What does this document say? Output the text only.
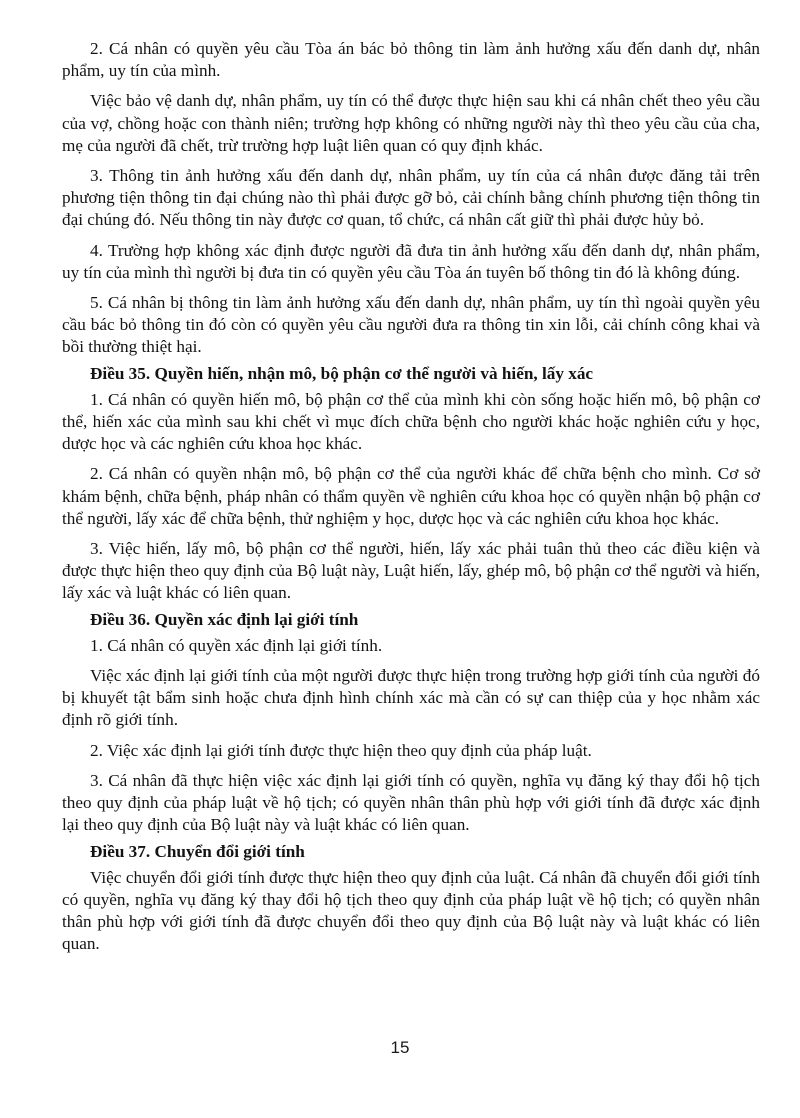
2. Cá nhân có quyền yêu cầu Tòa án bác bỏ thông tin làm ảnh hưởng xấu đến danh dự, nhân phẩm, uy tín của mình.

Việc bảo vệ danh dự, nhân phẩm, uy tín có thể được thực hiện sau khi cá nhân chết theo yêu cầu của vợ, chồng hoặc con thành niên; trường hợp không có những người này thì theo yêu cầu của cha, mẹ của người đã chết, trừ trường hợp luật liên quan có quy định khác.

3. Thông tin ảnh hưởng xấu đến danh dự, nhân phẩm, uy tín của cá nhân được đăng tải trên phương tiện thông tin đại chúng nào thì phải được gỡ bỏ, cải chính bằng chính phương tiện thông tin đại chúng đó. Nếu thông tin này được cơ quan, tổ chức, cá nhân cất giữ thì phải được hủy bỏ.

4. Trường hợp không xác định được người đã đưa tin ảnh hưởng xấu đến danh dự, nhân phẩm, uy tín của mình thì người bị đưa tin có quyền yêu cầu Tòa án tuyên bố thông tin đó là không đúng.

5. Cá nhân bị thông tin làm ảnh hưởng xấu đến danh dự, nhân phẩm, uy tín thì ngoài quyền yêu cầu bác bỏ thông tin đó còn có quyền yêu cầu người đưa ra thông tin xin lỗi, cải chính công khai và bồi thường thiệt hại.

Điều 35. Quyền hiến, nhận mô, bộ phận cơ thể người và hiến, lấy xác

1. Cá nhân có quyền hiến mô, bộ phận cơ thể của mình khi còn sống hoặc hiến mô, bộ phận cơ thể, hiến xác của mình sau khi chết vì mục đích chữa bệnh cho người khác hoặc nghiên cứu y học, dược học và các nghiên cứu khoa học khác.

2. Cá nhân có quyền nhận mô, bộ phận cơ thể của người khác để chữa bệnh cho mình. Cơ sở khám bệnh, chữa bệnh, pháp nhân có thẩm quyền về nghiên cứu khoa học có quyền nhận bộ phận cơ thể người, lấy xác để chữa bệnh, thử nghiệm y học, dược học và các nghiên cứu khoa học khác.

3. Việc hiến, lấy mô, bộ phận cơ thể người, hiến, lấy xác phải tuân thủ theo các điều kiện và được thực hiện theo quy định của Bộ luật này, Luật hiến, lấy, ghép mô, bộ phận cơ thể người và hiến, lấy xác và luật khác có liên quan.

Điều 36. Quyền xác định lại giới tính

1. Cá nhân có quyền xác định lại giới tính.

Việc xác định lại giới tính của một người được thực hiện trong trường hợp giới tính của người đó bị khuyết tật bẩm sinh hoặc chưa định hình chính xác mà cần có sự can thiệp của y học nhằm xác định rõ giới tính.

2. Việc xác định lại giới tính được thực hiện theo quy định của pháp luật.

3. Cá nhân đã thực hiện việc xác định lại giới tính có quyền, nghĩa vụ đăng ký thay đổi hộ tịch theo quy định của pháp luật về hộ tịch; có quyền nhân thân phù hợp với giới tính đã được xác định lại theo quy định của Bộ luật này và luật khác có liên quan.

Điều 37. Chuyển đổi giới tính

Việc chuyển đổi giới tính được thực hiện theo quy định của luật. Cá nhân đã chuyển đổi giới tính có quyền, nghĩa vụ đăng ký thay đổi hộ tịch theo quy định của pháp luật về hộ tịch; có quyền nhân thân phù hợp với giới tính đã được chuyển đổi theo quy định của Bộ luật này và luật khác có liên quan.

15
